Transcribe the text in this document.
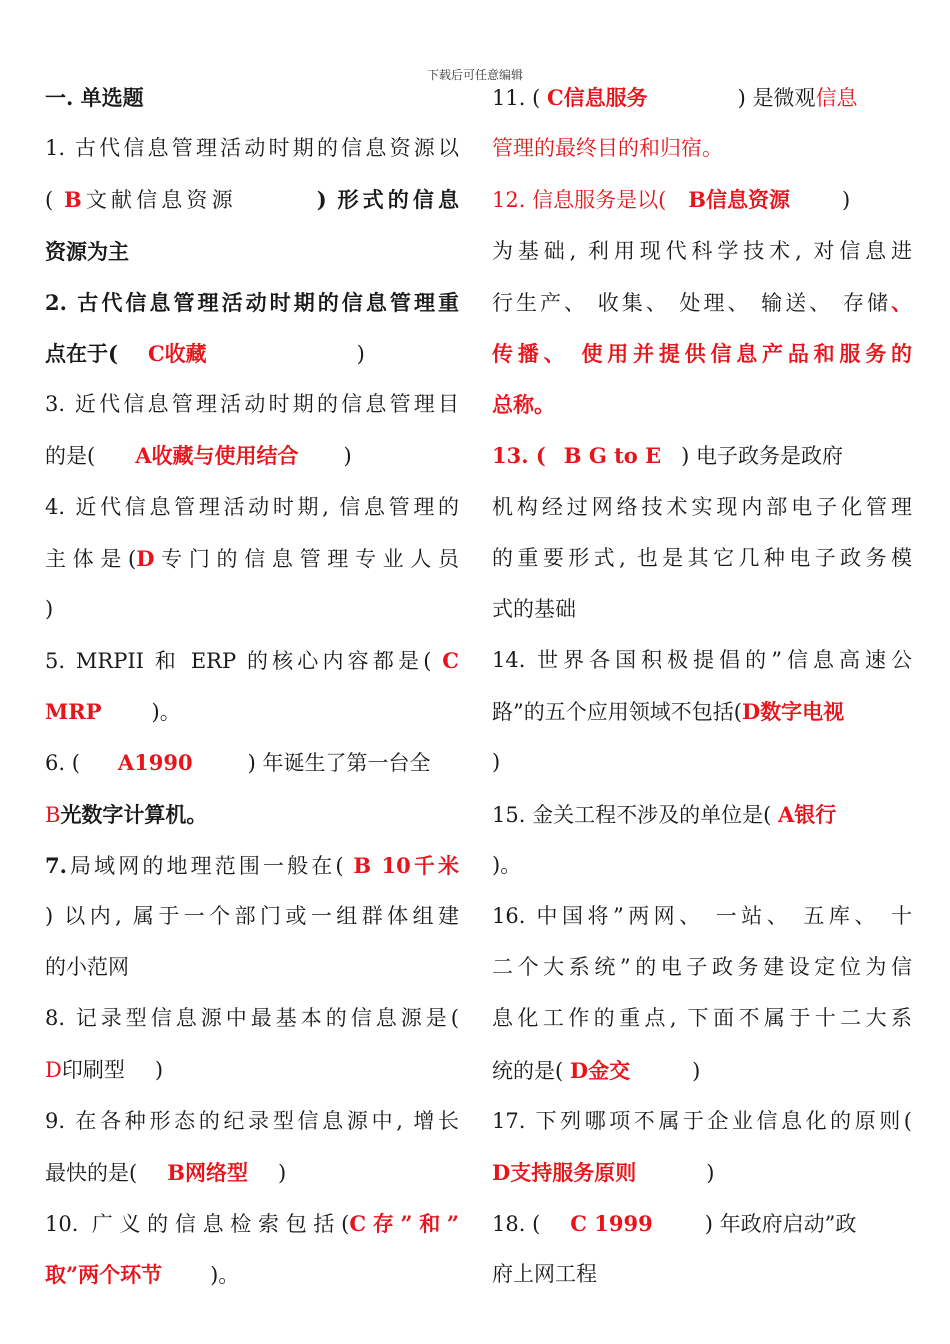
下载后可任意编辑
一. 单选题
1. 古代信息管理活动时期的信息资源以
( B文献信息资源	) 形式的信息
资源为主
2. 古代信息管理活动时期的信息管理重
点在于( C收藏	)
3. 近代信息管理活动时期的信息管理目
的是( A收藏与使用结合 )
4. 近代信息管理活动时期, 信息管理的
主体是(D专门的信息管理专业人员
)
5. MRPII 和 ERP 的核心内容都是( C
MRP )。
6. ( A1990	) 年诞生了第一台全
B光数字计算机。
7.局域网的地理范围一般在( B 10千米
) 以内, 属于一个部门或一组群体组建
的小范网
8. 记录型信息源中最基本的信息源是(
D印刷型 )
9. 在各种形态的纪录型信息源中, 增长
最快的是( B网络型 )
10. 广义的信息检索包括(C存”和”
取”两个环节 )。
11. ( C信息服务	) 是微观信息
管理的最终目的和归宿。
12. 信息服务是以( B信息资源 )
为基础, 利用现代科学技术, 对信息进
行生产、 收集、 处理、 输送、 存储、
传播、 使用并提供信息产品和服务的
总称。
13. ( B G to E ) 电子政务是政府
机构经过网络技术实现内部电子化管理
的重要形式, 也是其它几种电子政务模
式的基础
14. 世界各国积极提倡的”信息高速公
路”的五个应用领域不包括(D数字电视
)
15. 金关工程不涉及的单位是( A银行
)。
16. 中国将”两网、 一站、 五库、 十
二个大系统”的电子政务建设定位为信
息化工作的重点, 下面不属于十二大系
统的是( D金交	)
17. 下列哪项不属于企业信息化的原则(
D支持服务原则	)
18. ( C 1999 ) 年政府启动”政
府上网工程
